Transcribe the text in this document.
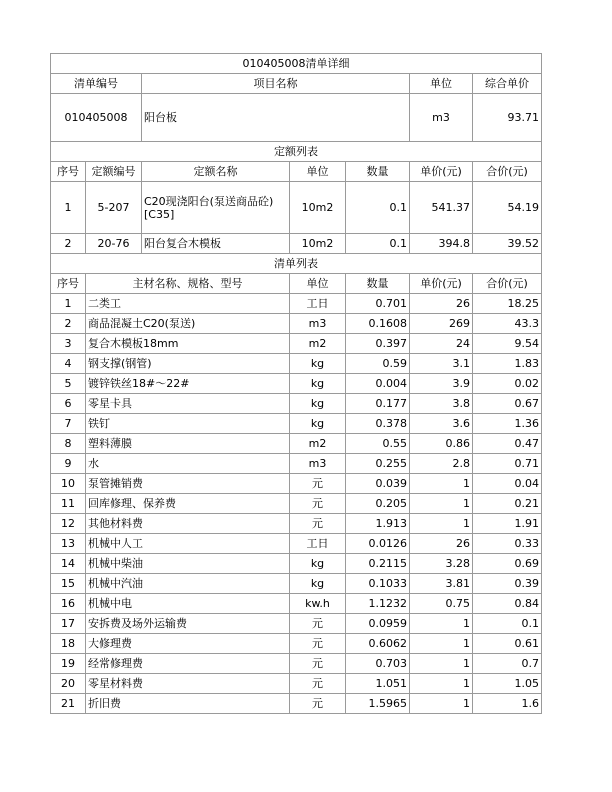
010405008清单详细						
清单编号		项目名称			单位	综合单价
010405008		阳台板			m3	93.71
定额列表						
序号	定额编号	定额名称	单位	数量	单价(元)	合价(元)
1	5-207	C20现浇阳台(泵送商品砼)[C35]	10m2	0.1	541.37	54.19
2	20-76	阳台复合木模板	10m2	0.1	394.8	39.52
清单列表						
序号	主材名称、规格、型号		单位	数量	单价(元)	合价(元)
1	二类工		工日	0.701	26	18.25
2	商品混凝土C20(泵送)		m3	0.1608	269	43.3
3	复合木模板18mm		m2	0.397	24	9.54
4	钢支撑(钢管)		kg	0.59	3.1	1.83
5	镀锌铁丝18#～22#		kg	0.004	3.9	0.02
6	零星卡具		kg	0.177	3.8	0.67
7	铁钉		kg	0.378	3.6	1.36
8	塑料薄膜		m2	0.55	0.86	0.47
9	水		m3	0.255	2.8	0.71
10	泵管摊销费		元	0.039	1	0.04
11	回库修理、保养费		元	0.205	1	0.21
12	其他材料费		元	1.913	1	1.91
13	机械中人工		工日	0.0126	26	0.33
14	机械中柴油		kg	0.2115	3.28	0.69
15	机械中汽油		kg	0.1033	3.81	0.39
16	机械中电		kw.h	1.1232	0.75	0.84
17	安拆费及场外运输费		元	0.0959	1	0.1
18	大修理费		元	0.6062	1	0.61
19	经常修理费		元	0.703	1	0.7
20	零星材料费		元	1.051	1	1.05
21	折旧费		元	1.5965	1	1.6
